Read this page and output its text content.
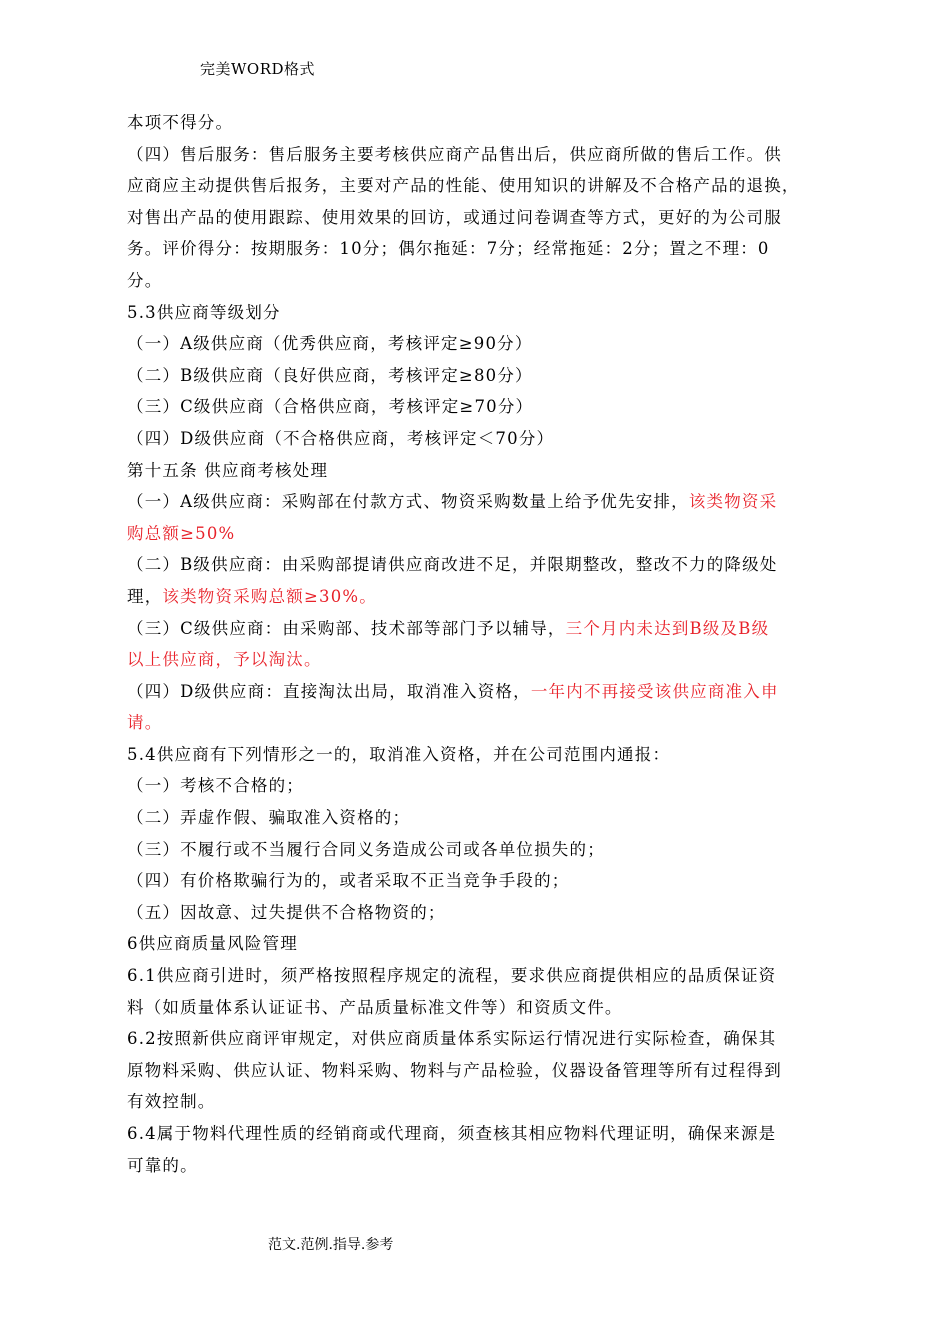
完美WORD格式
本项不得分。
（四）售后服务：售后服务主要考核供应商产品售出后，供应商所做的售后工作。供
应商应主动提供售后报务，主要对产品的性能、使用知识的讲解及不合格产品的退换，
对售出产品的使用跟踪、使用效果的回访，或通过问卷调查等方式，更好的为公司服
务。评价得分：按期服务：10分；偶尔拖延：7分；经常拖延：2分；置之不理：0
分。
5.3供应商等级划分
（一）A级供应商（优秀供应商，考核评定≥90分）
（二）B级供应商（良好供应商，考核评定≥80分）
（三）C级供应商（合格供应商，考核评定≥70分）
（四）D级供应商（不合格供应商，考核评定＜70分）
第十五条 供应商考核处理
（一）A级供应商：采购部在付款方式、物资采购数量上给予优先安排，该类物资采
购总额≥50%
（二）B级供应商：由采购部提请供应商改进不足，并限期整改，整改不力的降级处
理，该类物资采购总额≥30%。
（三）C级供应商：由采购部、技术部等部门予以辅导，三个月内未达到B级及B级
以上供应商，予以淘汰。
（四）D级供应商：直接淘汰出局，取消准入资格，一年内不再接受该供应商准入申
请。
5.4供应商有下列情形之一的，取消准入资格，并在公司范围内通报：
（一）考核不合格的；
（二）弄虚作假、骗取准入资格的；
（三）不履行或不当履行合同义务造成公司或各单位损失的；
（四）有价格欺骗行为的，或者采取不正当竞争手段的；
（五）因故意、过失提供不合格物资的；
6供应商质量风险管理
6.1供应商引进时，须严格按照程序规定的流程，要求供应商提供相应的品质保证资
料（如质量体系认证证书、产品质量标准文件等）和资质文件。
6.2按照新供应商评审规定，对供应商质量体系实际运行情况进行实际检查，确保其
原物料采购、供应认证、物料采购、物料与产品检验，仪器设备管理等所有过程得到
有效控制。
6.4属于物料代理性质的经销商或代理商，须查核其相应物料代理证明，确保来源是
可靠的。
范文.范例.指导.参考
